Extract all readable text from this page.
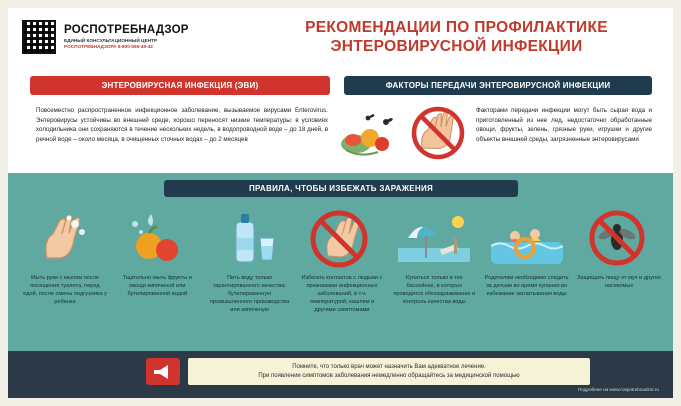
РОСПОТРЕБНАДЗОР
ЕДИНЫЙ КОНСУЛЬТАЦИОННЫЙ ЦЕНТР
РОСПОТРЕБНАДЗОРА 8-800-555-49-43
РЕКОМЕНДАЦИИ ПО ПРОФИЛАКТИКЕ
ЭНТЕРОВИРУСНОЙ ИНФЕКЦИИ
ЭНТЕРОВИРУСНАЯ ИНФЕКЦИЯ (ЭВИ)	ФАКТОРЫ ПЕРЕДАЧИ ЭНТЕРОВИРУСНОЙ ИНФЕКЦИИ
Повсеместно распространенное инфекционное заболевание, вызываемое вирусами Enterovirus. Энтеровирусы устойчивы во внешней среде, хорошо переносят низкие температуры: в условиях холодильника они сохраняются в течение нескольких недель, в водопроводной воде – до 18 дней, в речной воде – около месяца, в очищенных сточных водах – до 2 месяцев
Факторами передачи инфекции могут быть сырая вода и приготовленный из нее лед, недостаточно обработанные овощи, фрукты, зелень, грязные руки, игрушки и другие объекты внешней среды, загрязненные энтеровирусами
ПРАВИЛА, ЧТОБЫ ИЗБЕЖАТЬ ЗАРАЖЕНИЯ
Мыть руки с мылом после посещения туалета, перед едой, после смены подгузника у ребенка
Тщательно мыть фрукты и овощи кипяченой или бутилированной водой
Пить воду только гарантированного качества: бутилированную промышленного производства или кипяченую
Избегать контактов с людьми с признаками инфекционных заболеваний, в т.ч. температурой, кашлем и другими симптомами
Купаться только в тех бассейнах, в которых проводится обеззараживание и контроль качества воды
Родителям необходимо следить за детьми во время купания во избежание заглатывания воды
Защищать пищу от мух и других насекомых
Помните, что только врач может назначить Вам адекватное лечение.
При появлении симптомов заболевания немедленно обращайтесь за медицинской помощью
Подробнее на www.rospotrebnadzor.ru
